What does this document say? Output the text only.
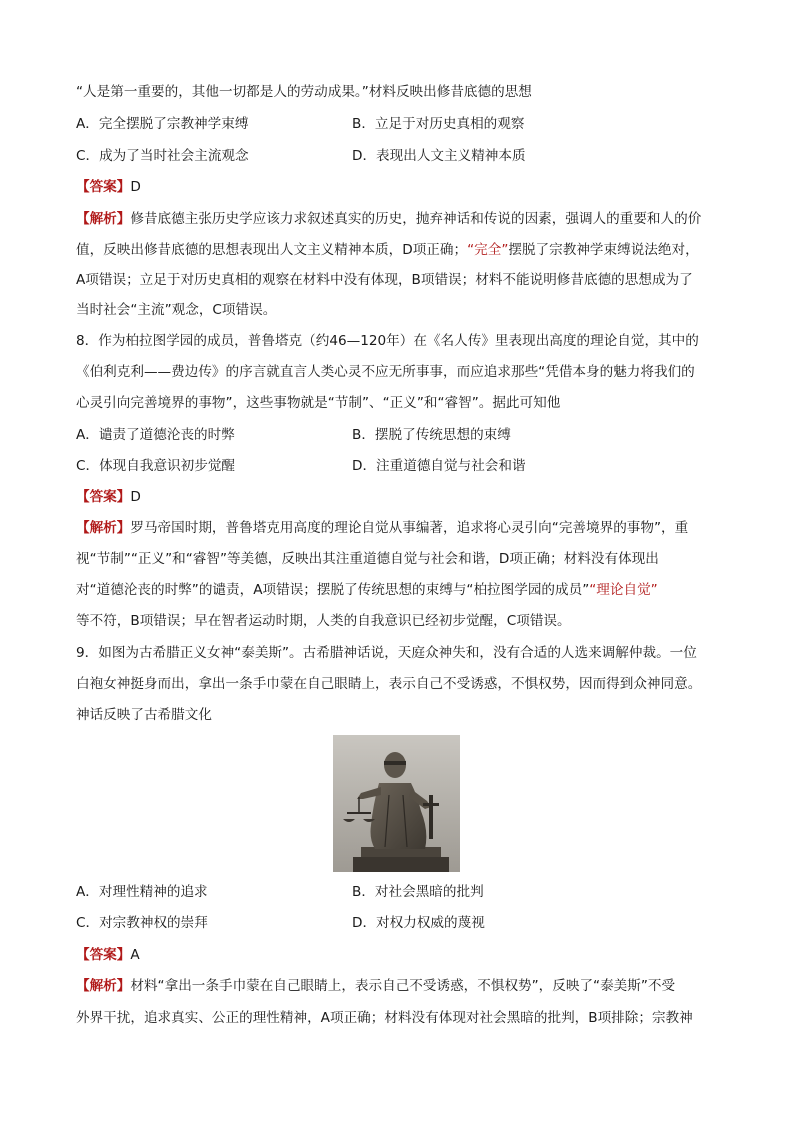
“人是第一重要的，其他一切都是人的劳动成果。”材料反映出修昔底德的思想
A．完全摆脱了宗教神学束缚	B．立足于对历史真相的观察
C．成为了当时社会主流观念	D．表现出人文主义精神本质
【答案】D
【解析】修昔底德主张历史学应该力求叙述真实的历史，抛弃神话和传说的因素，强调人的重要和人的价
值，反映出修昔底德的思想表现出人文主义精神本质，D项正确；“完全”摆脱了宗教神学束缚说法绝对，
A项错误；立足于对历史真相的观察在材料中没有体现，B项错误；材料不能说明修昔底德的思想成为了
当时社会“主流”观念，C项错误。
8．作为柏拉图学园的成员，普鲁塔克（约46—120年）在《名人传》里表现出高度的理论自觉，其中的
《伯利克利——费边传》的序言就直言人类心灵不应无所事事，而应追求那些“凭借本身的魅力将我们的
心灵引向完善境界的事物”，这些事物就是“节制”、“正义”和“睿智”。据此可知他
A．谴责了道德沦丧的时弊	B．摆脱了传统思想的束缚
C．体现自我意识初步觉醒	D．注重道德自觉与社会和谐
【答案】D
【解析】罗马帝国时期，普鲁塔克用高度的理论自觉从事编著，追求将心灵引向“完善境界的事物”，重
视“节制”“正义”和“睿智”等美德，反映出其注重道德自觉与社会和谐，D项正确；材料没有体现出
对“道德沦丧的时弊”的谴责，A项错误；摆脱了传统思想的束缚与“柏拉图学园的成员”“理论自觉”
等不符，B项错误；早在智者运动时期，人类的自我意识已经初步觉醒，C项错误。
9．如图为古希腊正义女神“泰美斯”。古希腊神话说，天庭众神失和，没有合适的人选来调解仲裁。一位
白袍女神挺身而出，拿出一条手巾蒙在自己眼睛上，表示自己不受诱惑，不惧权势，因而得到众神同意。
神话反映了古希腊文化
A．对理性精神的追求	B．对社会黑暗的批判
C．对宗教神权的崇拜	D．对权力权威的蔑视
【答案】A
【解析】材料“拿出一条手巾蒙在自己眼睛上，表示自己不受诱惑，不惧权势”，反映了“泰美斯”不受
外界干扰，追求真实、公正的理性精神，A项正确；材料没有体现对社会黑暗的批判，B项排除；宗教神
